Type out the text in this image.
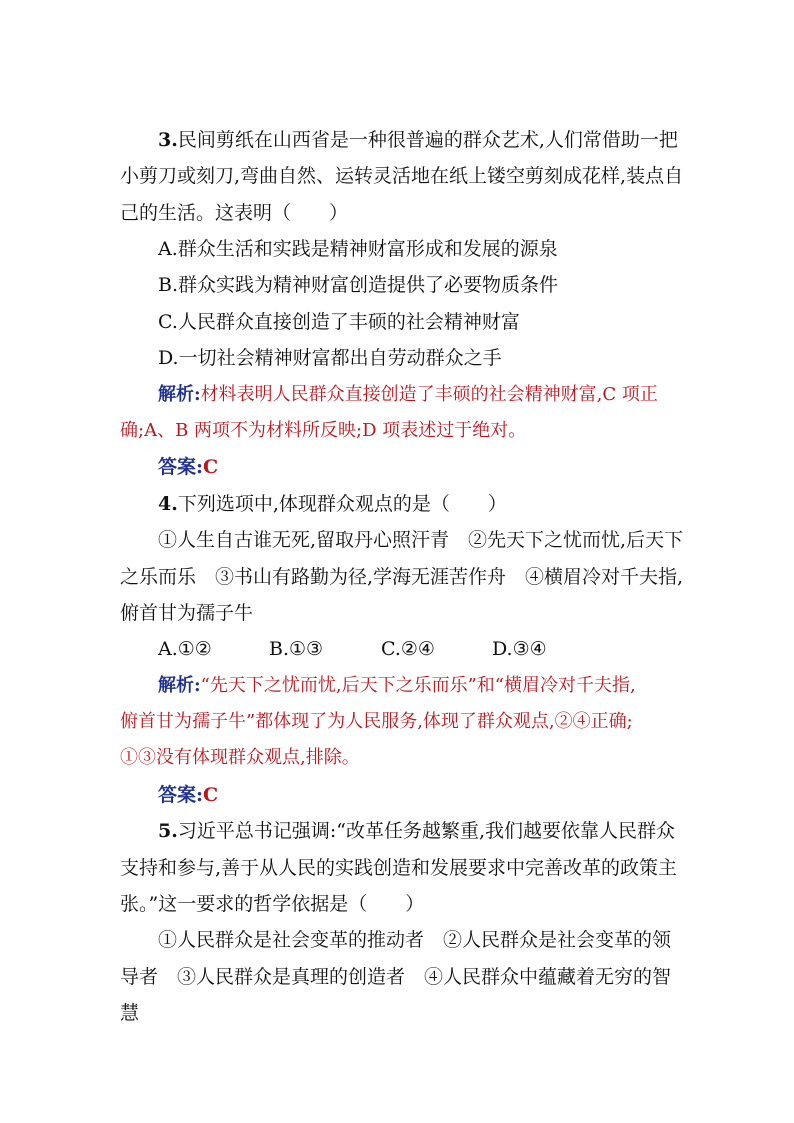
3.民间剪纸在山西省是一种很普遍的群众艺术,人们常借助一把
小剪刀或刻刀,弯曲自然、运转灵活地在纸上镂空剪刻成花样,装点自
己的生活。这表明（　　）
A.群众生活和实践是精神财富形成和发展的源泉
B.群众实践为精神财富创造提供了必要物质条件
C.人民群众直接创造了丰硕的社会精神财富
D.一切社会精神财富都出自劳动群众之手
解析:材料表明人民群众直接创造了丰硕的社会精神财富,C 项正
确;A、B 两项不为材料所反映;D 项表述过于绝对。
答案:C
4.下列选项中,体现群众观点的是（　　）
①人生自古谁无死,留取丹心照汗青　②先天下之忧而忧,后天下
之乐而乐　③书山有路勤为径,学海无涯苦作舟　④横眉冷对千夫指,
俯首甘为孺子牛
A.①②	B.①③	C.②④	D.③④
解析:“先天下之忧而忧,后天下之乐而乐”和“横眉冷对千夫指,
俯首甘为孺子牛”都体现了为人民服务,体现了群众观点,②④正确;
①③没有体现群众观点,排除。
答案:C
5.习近平总书记强调:“改革任务越繁重,我们越要依靠人民群众
支持和参与,善于从人民的实践创造和发展要求中完善改革的政策主
张。”这一要求的哲学依据是（　　）
①人民群众是社会变革的推动者　②人民群众是社会变革的领
导者　③人民群众是真理的创造者　④人民群众中蕴藏着无穷的智
慧
